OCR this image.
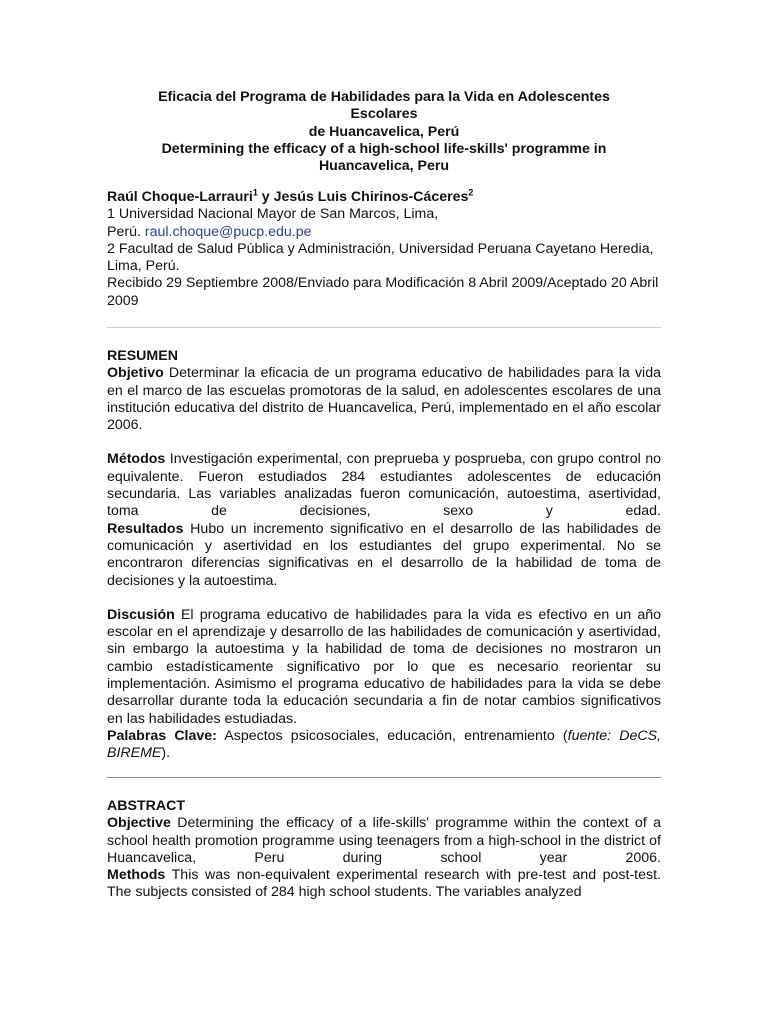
Eficacia del Programa de Habilidades para la Vida en Adolescentes
Escolares
de Huancavelica, Perú
Determining the efficacy of a high-school life-skills' programme in
Huancavelica, Peru
Raúl Choque-Larrauri$^1$ y Jesús Luis Chirinos-Cáceres$^2$
1 Universidad Nacional Mayor de San Marcos, Lima,
Perú. raul.choque@pucp.edu.pe
2 Facultad de Salud Pública y Administración, Universidad Peruana Cayetano Heredia, Lima, Perú.
Recibido 29 Septiembre 2008/Enviado para Modificación 8 Abril 2009/Aceptado 20 Abril 2009
RESUMEN

Objetivo Determinar la eficacia de un programa educativo de habilidades para la vida en el marco de las escuelas promotoras de la salud, en adolescentes escolares de una institución educativa del distrito de Huancavelica, Perú, implementado en el año escolar 2006.

Métodos Investigación experimental, con preprueba y posprueba, con grupo control no equivalente. Fueron estudiados 284 estudiantes adolescentes de educación secundaria. Las variables analizadas fueron comunicación, autoestima, asertividad, toma de decisiones, sexo y edad.

Resultados Hubo un incremento significativo en el desarrollo de las habilidades de comunicación y asertividad en los estudiantes del grupo experimental. No se encontraron diferencias significativas en el desarrollo de la habilidad de toma de decisiones y la autoestima.

Discusión El programa educativo de habilidades para la vida es efectivo en un año escolar en el aprendizaje y desarrollo de las habilidades de comunicación y asertividad, sin embargo la autoestima y la habilidad de toma de decisiones no mostraron un cambio estadísticamente significativo por lo que es necesario reorientar su implementación. Asimismo el programa educativo de habilidades para la vida se debe desarrollar durante toda la educación secundaria a fin de notar cambios significativos en las habilidades estudiadas.

Palabras Clave: Aspectos psicosociales, educación, entrenamiento (fuente: DeCS, BIREME).

ABSTRACT

Objective Determining the efficacy of a life-skills' programme within the context of a school health promotion programme using teenagers from a high-school in the district of Huancavelica, Peru during school year 2006.

Methods This was non-equivalent experimental research with pre-test and post-test. The subjects consisted of 284 high school students. The variables analyzed
